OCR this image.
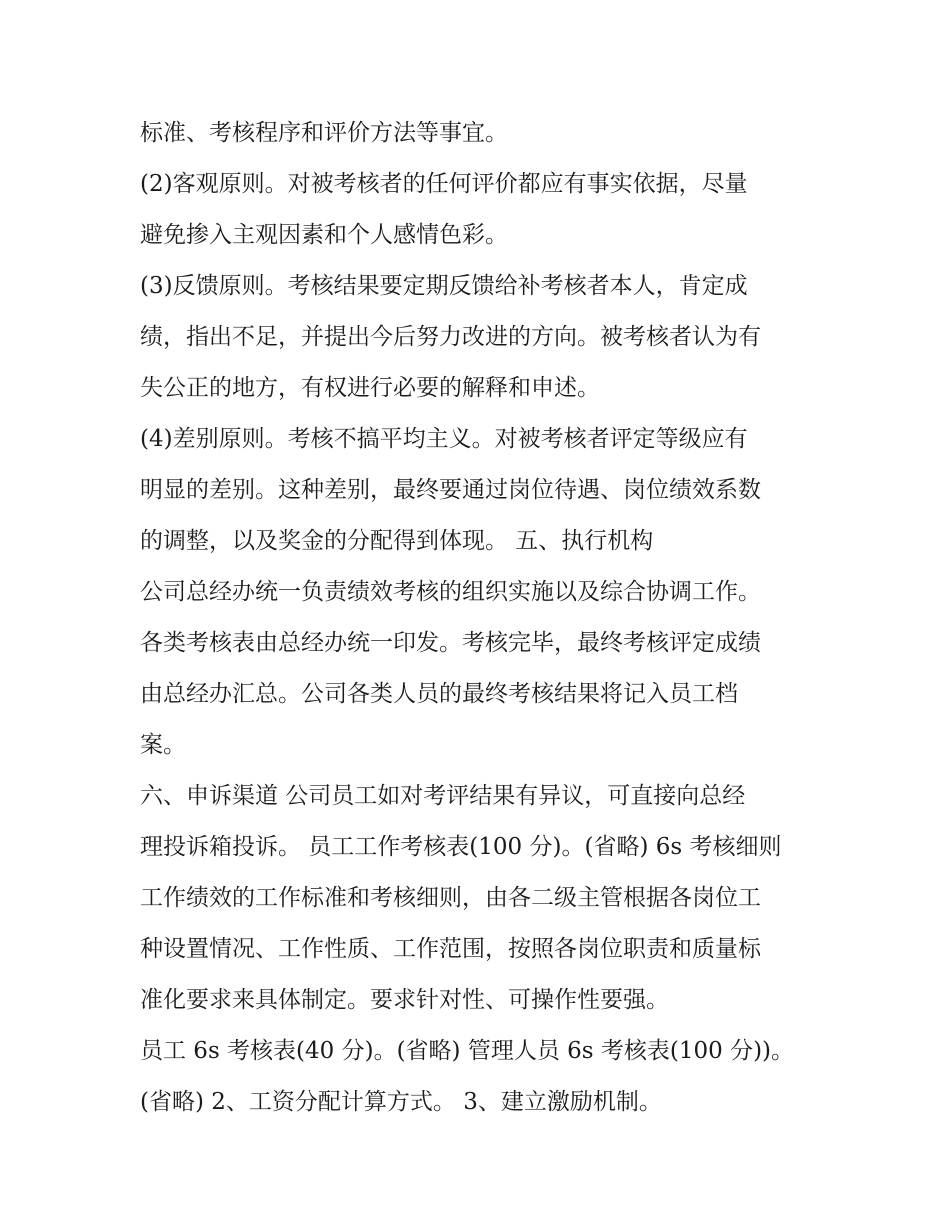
标准、考核程序和评价方法等事宜。
(2)客观原则。对被考核者的任何评价都应有事实依据，尽量
避免掺入主观因素和个人感情色彩。
(3)反馈原则。考核结果要定期反馈给补考核者本人，肯定成
绩，指出不足，并提出今后努力改进的方向。被考核者认为有
失公正的地方，有权进行必要的解释和申述。
(4)差别原则。考核不搞平均主义。对被考核者评定等级应有
明显的差别。这种差别，最终要通过岗位待遇、岗位绩效系数
的调整，以及奖金的分配得到体现。 五、执行机构
公司总经办统一负责绩效考核的组织实施以及综合协调工作。
各类考核表由总经办统一印发。考核完毕，最终考核评定成绩
由总经办汇总。公司各类人员的最终考核结果将记入员工档
案。
六、申诉渠道 公司员工如对考评结果有异议，可直接向总经
理投诉箱投诉。 员工工作考核表(100 分)。(省略) 6s 考核细则
工作绩效的工作标准和考核细则，由各二级主管根据各岗位工
种设置情况、工作性质、工作范围，按照各岗位职责和质量标
准化要求来具体制定。要求针对性、可操作性要强。
员工 6s 考核表(40 分)。(省略) 管理人员 6s 考核表(100 分))。
(省略) 2、工资分配计算方式。 3、建立激励机制。
